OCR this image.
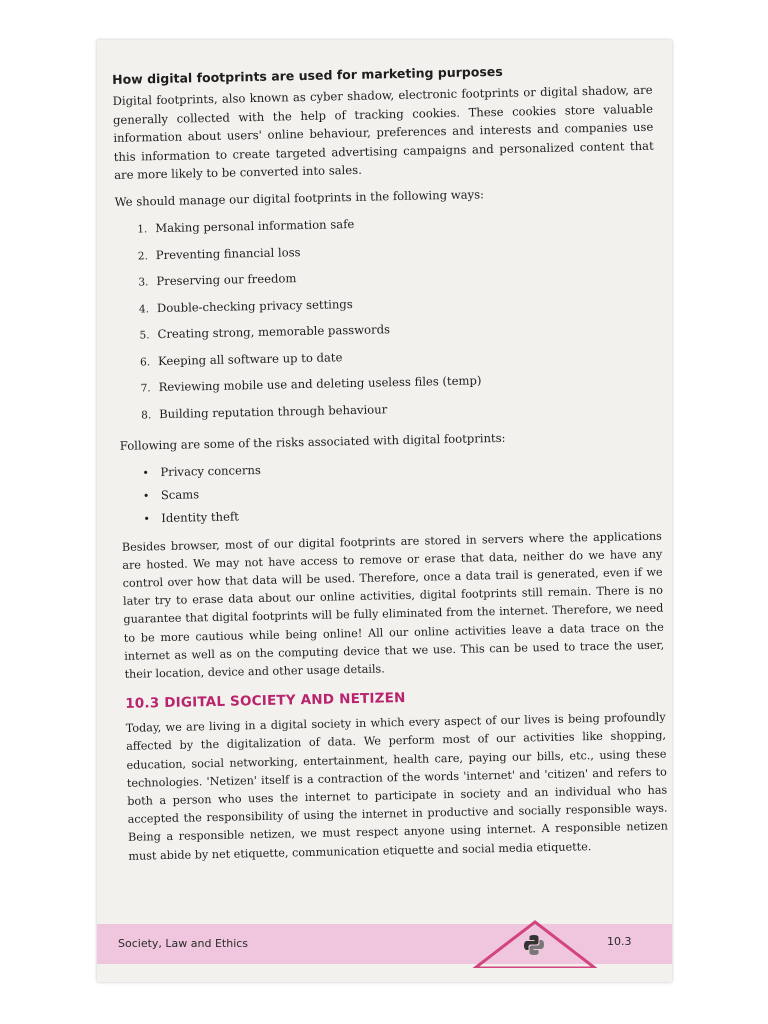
How digital footprints are used for marketing purposes

Digital footprints, also known as cyber shadow, electronic footprints or digital shadow, are generally collected with the help of tracking cookies. These cookies store valuable information about users' online behaviour, preferences and interests and companies use this information to create targeted advertising campaigns and personalized content that are more likely to be converted into sales.

We should manage our digital footprints in the following ways:

1. Making personal information safe
2. Preventing financial loss
3. Preserving our freedom
4. Double-checking privacy settings
5. Creating strong, memorable passwords
6. Keeping all software up to date
7. Reviewing mobile use and deleting useless files (temp)
8. Building reputation through behaviour

Following are some of the risks associated with digital footprints:

• Privacy concerns
• Scams
• Identity theft

Besides browser, most of our digital footprints are stored in servers where the applications are hosted. We may not have access to remove or erase that data, neither do we have any control over how that data will be used. Therefore, once a data trail is generated, even if we later try to erase data about our online activities, digital footprints still remain. There is no guarantee that digital footprints will be fully eliminated from the internet. Therefore, we need to be more cautious while being online! All our online activities leave a data trace on the internet as well as on the computing device that we use. This can be used to trace the user, their location, device and other usage details.

10.3 DIGITAL SOCIETY AND NETIZEN

Today, we are living in a digital society in which every aspect of our lives is being profoundly affected by the digitalization of data. We perform most of our activities like shopping, education, social networking, entertainment, health care, paying our bills, etc., using these technologies. 'Netizen' itself is a contraction of the words 'internet' and 'citizen' and refers to both a person who uses the internet to participate in society and an individual who has accepted the responsibility of using the internet in productive and socially responsible ways. Being a responsible netizen, we must respect anyone using internet. A responsible netizen must abide by net etiquette, communication etiquette and social media etiquette.

Society, Law and Ethics	10.3
